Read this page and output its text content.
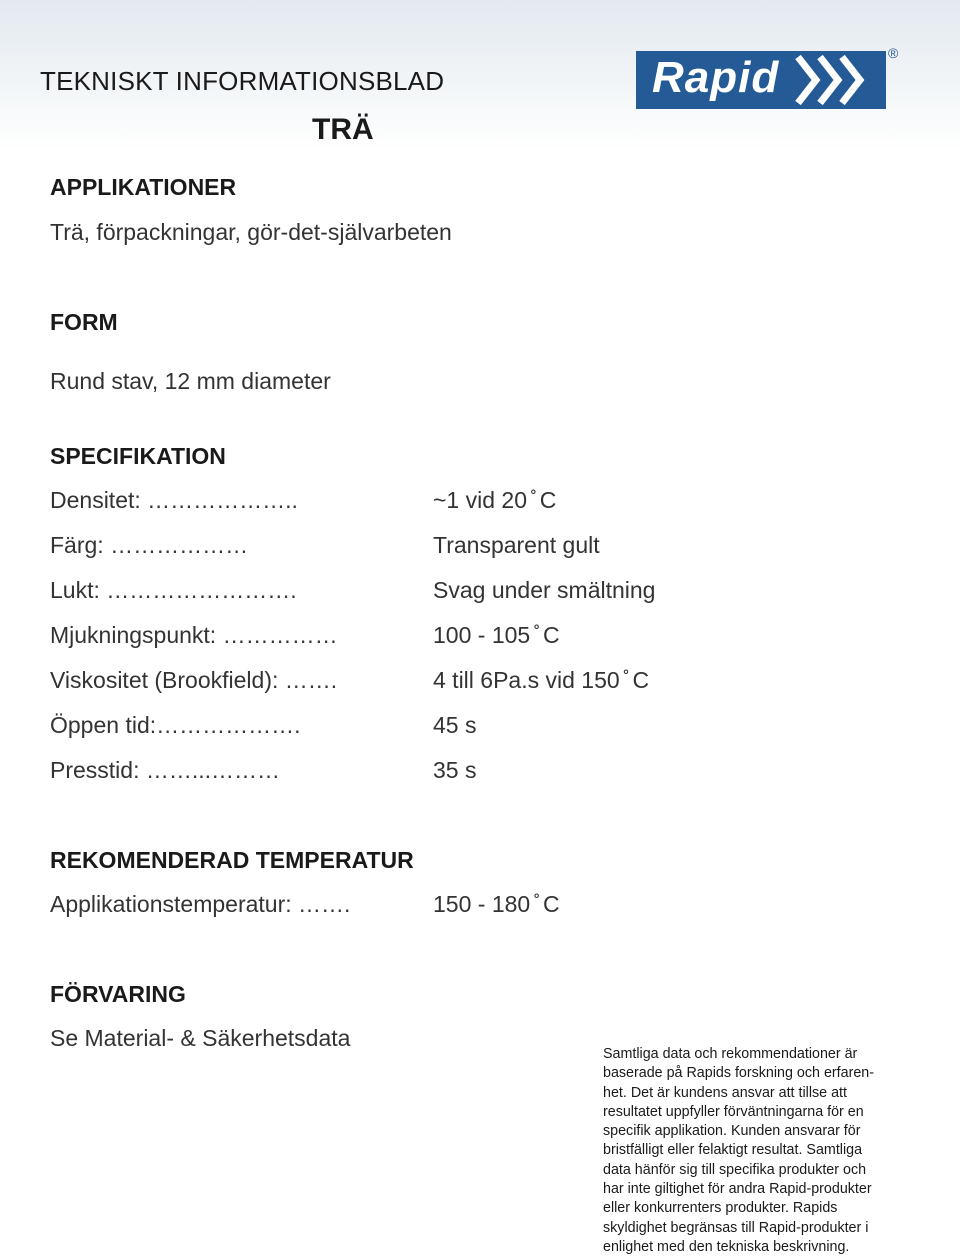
TEKNISKT INFORMATIONSBLAD
TRÄ
Rapid	®
APPLIKATIONER
Trä, förpackningar, gör-det-självarbeten
FORM
Rund stav, 12 mm diameter
SPECIFIKATION
Densitet: ………………..	~1 vid 20 ̊ C
Färg: ………………	Transparent gult
Lukt: …………………….	Svag under smältning
Mjukningspunkt: ……………	100 - 105 ̊ C
Viskositet (Brookfield): …….	4 till 6Pa.s vid 150 ̊ C
Öppen tid:……………….	45 s
Presstid: ……...………	35 s
REKOMENDERAD TEMPERATUR
Applikationstemperatur: …….	150 - 180 ̊ C
FÖRVARING
Se Material- & Säkerhetsdata
Samtliga data och rekommendationer är
baserade på Rapids forskning och erfaren-
het. Det är kundens ansvar att tillse att
resultatet uppfyller förväntningarna för en
specifik applikation. Kunden ansvarar för
bristfälligt eller felaktigt resultat. Samtliga
data hänför sig till specifika produkter och
har inte giltighet för andra Rapid-produkter
eller konkurrenters produkter. Rapids
skyldighet begränsas till Rapid-produkter i
enlighet med den tekniska beskrivning.
